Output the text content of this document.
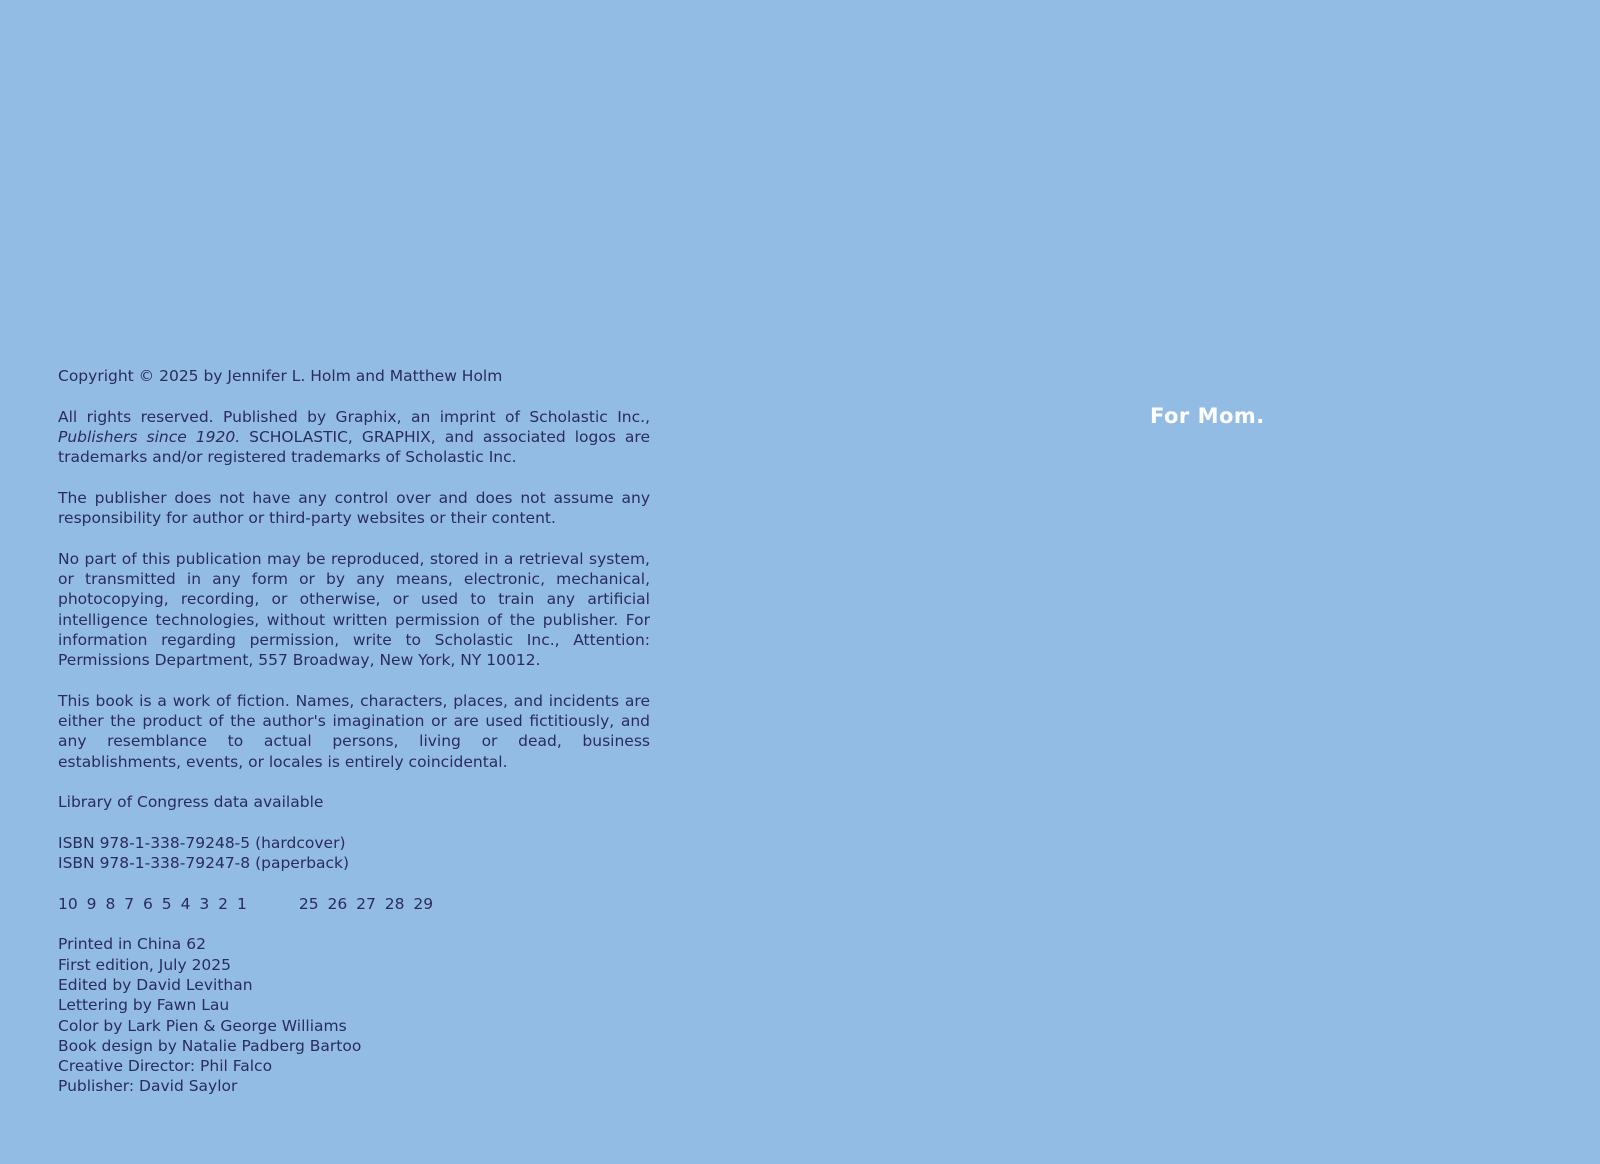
Copyright © 2025 by Jennifer L. Holm and Matthew Holm

All rights reserved. Published by Graphix, an imprint of Scholastic Inc., Publishers since 1920. SCHOLASTIC, GRAPHIX, and associated logos are trademarks and/or registered trademarks of Scholastic Inc.

The publisher does not have any control over and does not assume any responsibility for author or third-party websites or their content.

No part of this publication may be reproduced, stored in a retrieval system, or transmitted in any form or by any means, electronic, mechanical, photocopying, recording, or otherwise, or used to train any artificial intelligence technologies, without written permission of the publisher. For information regarding permission, write to Scholastic Inc., Attention: Permissions Department, 557 Broadway, New York, NY 10012.

This book is a work of fiction. Names, characters, places, and incidents are either the product of the author's imagination or are used fictitiously, and any resemblance to actual persons, living or dead, business establishments, events, or locales is entirely coincidental.

Library of Congress data available

ISBN 978-1-338-79248-5 (hardcover)
ISBN 978-1-338-79247-8 (paperback)

10 9 8 7 6 5 4 3 2 1	25 26 27 28 29

Printed in China 62
First edition, July 2025
Edited by David Levithan
Lettering by Fawn Lau
Color by Lark Pien & George Williams
Book design by Natalie Padberg Bartoo
Creative Director: Phil Falco
Publisher: David Saylor
For Mom.
